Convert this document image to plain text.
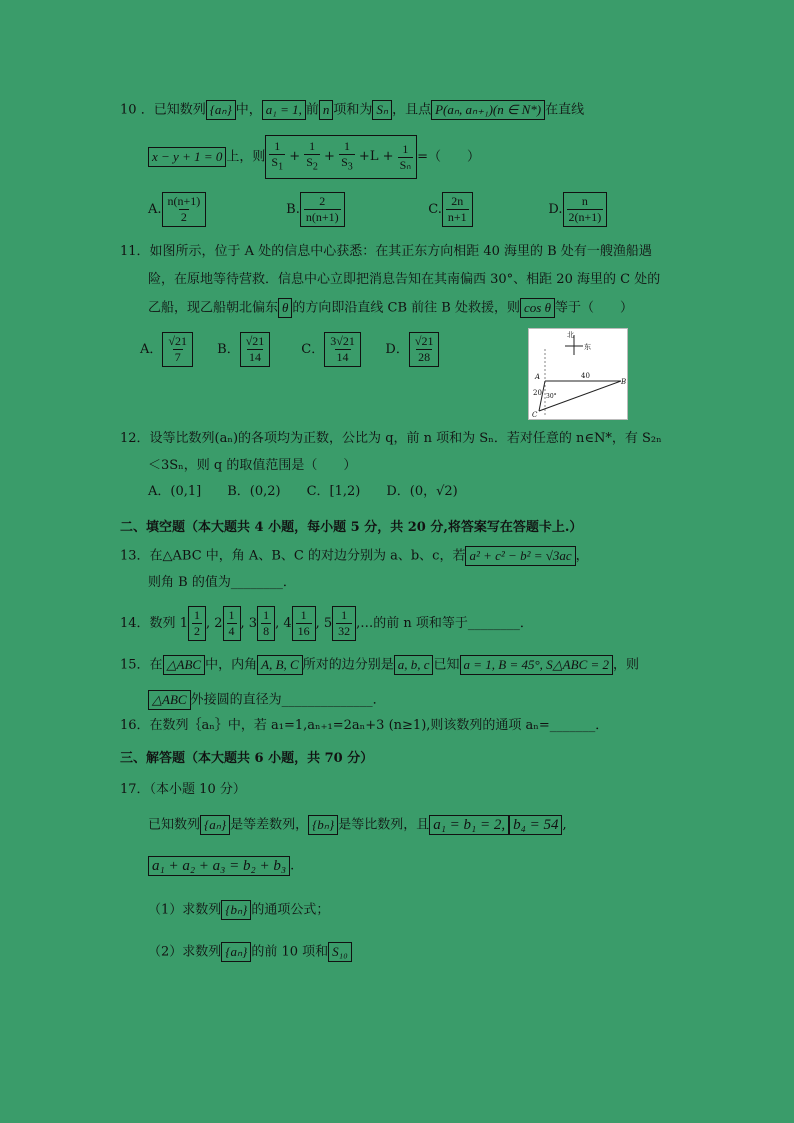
10 ．已知数列 {aₙ} 中， a₁ = 1, 前 n 项和为 Sₙ ，且点 P(aₙ, aₙ₊₁)(n ∈ N*) 在直线
x − y + 1 = 0 上，则 $\frac{1}{S_1} + \frac{1}{S_2} + \frac{1}{S_3}$
+L +
$\frac{1}{\text{Sₙ}}$ =（　　）
A. $\frac{n(n+1)}{2}$	B. $\frac{2}{n(n+1)}$	C. $\frac{2n}{n+1}$	D. $\frac{n}{2(n+1)}$
11．如图所示，位于 A 处的信息中心获悉：在其正东方向相距 40 海里的 B 处有一艘渔船遇
险，在原地等待营救．信息中心立即把消息告知在其南偏西 30°、相距 20 海里的 C 处的
乙船，现乙船朝北偏东 θ 的方向即沿直线 CB 前往 B 处救援，则 cos θ 等于（　　）
A． $\frac{√21}{7}$ B． $\frac{√21}{14}$	C． $\frac{3√21}{14}$ D． $\frac{√21}{28}$	北
东
A
B
C
40
20 30°
12．设等比数列(aₙ)的各项均为正数，公比为 q，前 n 项和为 Sₙ．若对任意的 n∈N*，有 S₂ₙ
＜3Sₙ，则 q 的取值范围是（　　）
A．(0,1]　　B．(0,2)　　C．[1,2)　　D．(0，√2)
二、填空题（本大题共 4 小题，每小题 5 分，共 20 分,将答案写在答题卡上.）
13．在△ABC 中，角 A、B、C 的对边分别为 a、b、c，若 a² + c² − b² = √3ac ，
则角 B 的值为________．
14．数列 $1 \frac{1}{2}$ , $2 \frac{1}{4}$ , $3 \frac{1}{8}$ , $4 \frac{1}{16}$ , $5 \frac{1}{32}$ ,…的前 n 项和等于________．
15．在 △ABC 中，内角 A, B, C 所对的边分别是 a, b, c 已知 a = 1, B = 45°, S△ABC = 2 ，则
△ABC 外接圆的直径为______________．
16．在数列｛aₙ｝中，若 a₁=1,aₙ₊₁=2aₙ+3 (n≥1),则该数列的通项 aₙ=_______．
三、解答题（本大题共 6 小题，共 70 分）
17．（本小题 10 分）
已知数列 {aₙ} 是等差数列， {bₙ} 是等比数列，且 a₁ = b₁ = 2, b₄ = 54 ,
a₁ + a₂ + a₃ = b₂ + b₃ .
（1）求数列 {bₙ} 的通项公式；
（2）求数列 {aₙ} 的前 10 项和 S₁₀
